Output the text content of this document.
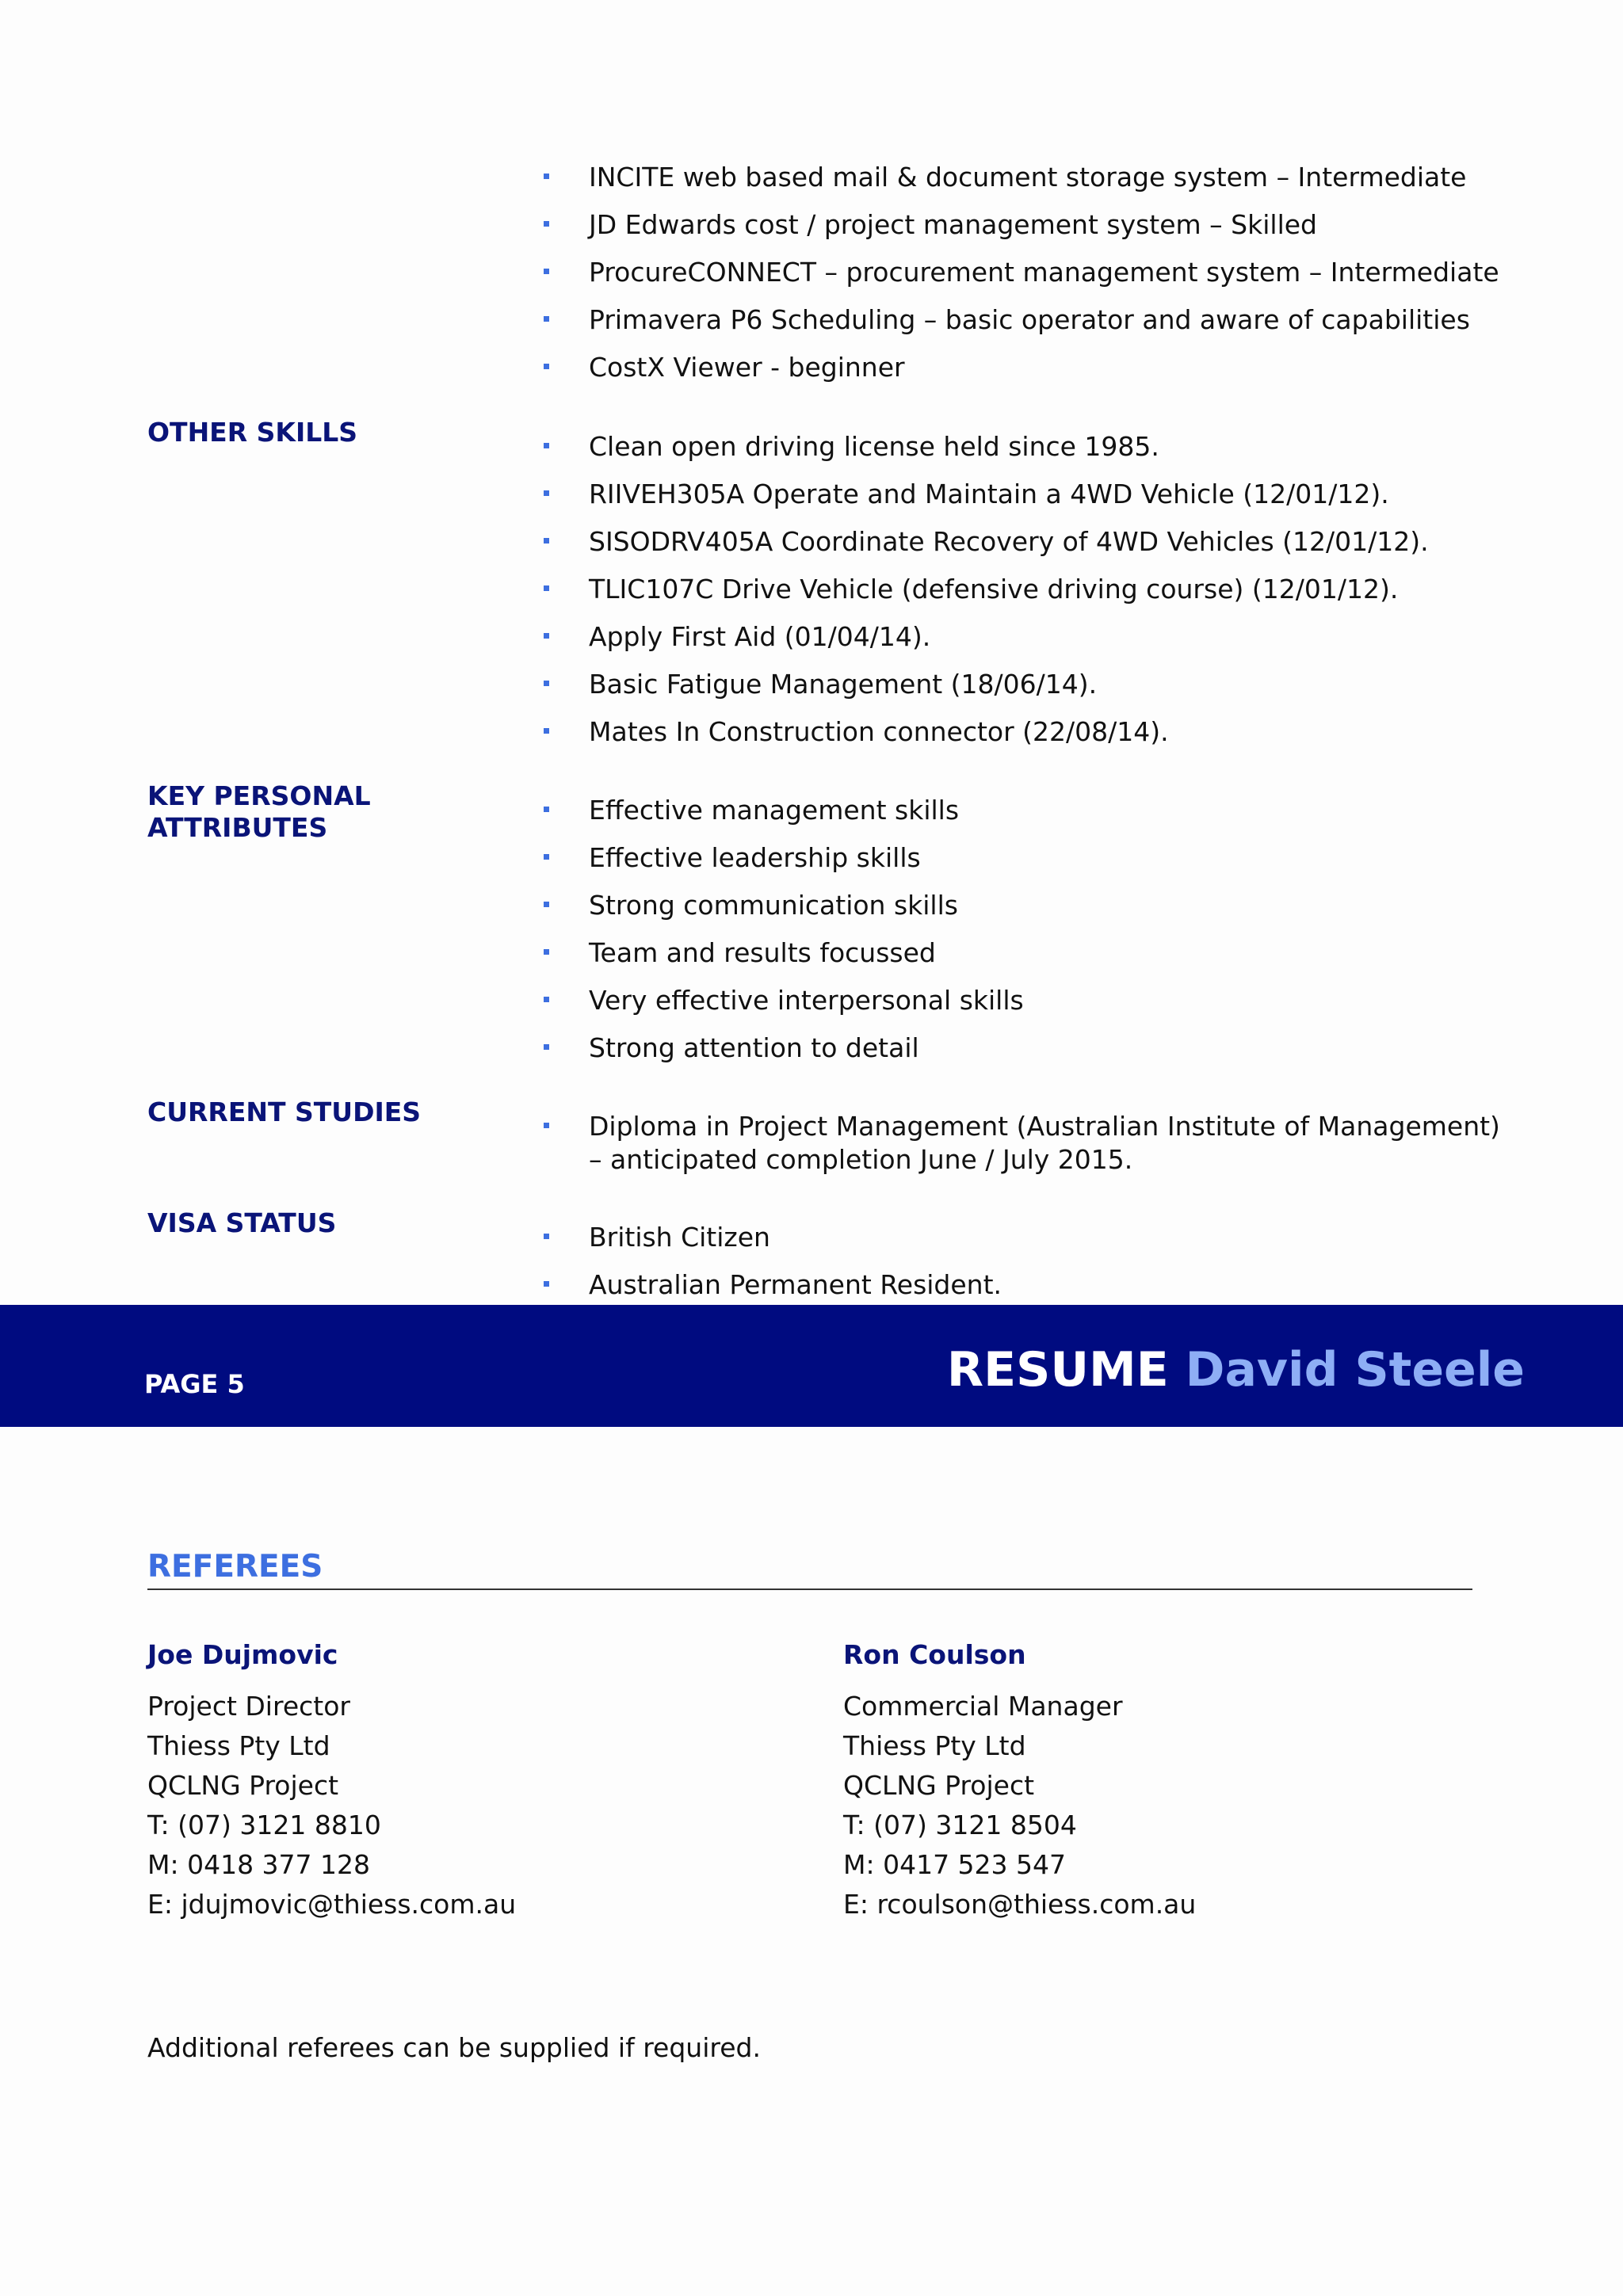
INCITE web based mail & document storage system – Intermediate
JD Edwards cost / project management system – Skilled
ProcureCONNECT – procurement management system – Intermediate
Primavera P6 Scheduling – basic operator and aware of capabilities
CostX Viewer - beginner
OTHER SKILLS	Clean open driving license held since 1985.
RIIVEH305A Operate and Maintain a 4WD Vehicle (12/01/12).
SISODRV405A Coordinate Recovery of 4WD Vehicles (12/01/12).
TLIC107C Drive Vehicle (defensive driving course) (12/01/12).
Apply First Aid (01/04/14).
Basic Fatigue Management (18/06/14).
Mates In Construction connector (22/08/14).
KEY PERSONAL
ATTRIBUTES
Effective management skills
Effective leadership skills
Strong communication skills
Team and results focussed
Very effective interpersonal skills
Strong attention to detail
CURRENT STUDIES	Diploma in Project Management (Australian Institute of Management) – anticipated completion June / July 2015.
VISA STATUS	British Citizen
Australian Permanent Resident.
PAGE 5	RESUME David Steele
REFEREES
Joe Dujmovic
Project Director
Thiess Pty Ltd
QCLNG Project
T: (07) 3121 8810
M: 0418 377 128
E: jdujmovic@thiess.com.au
Ron Coulson
Commercial Manager
Thiess Pty Ltd
QCLNG Project
T: (07) 3121 8504
M: 0417 523 547
E: rcoulson@thiess.com.au
Additional referees can be supplied if required.
